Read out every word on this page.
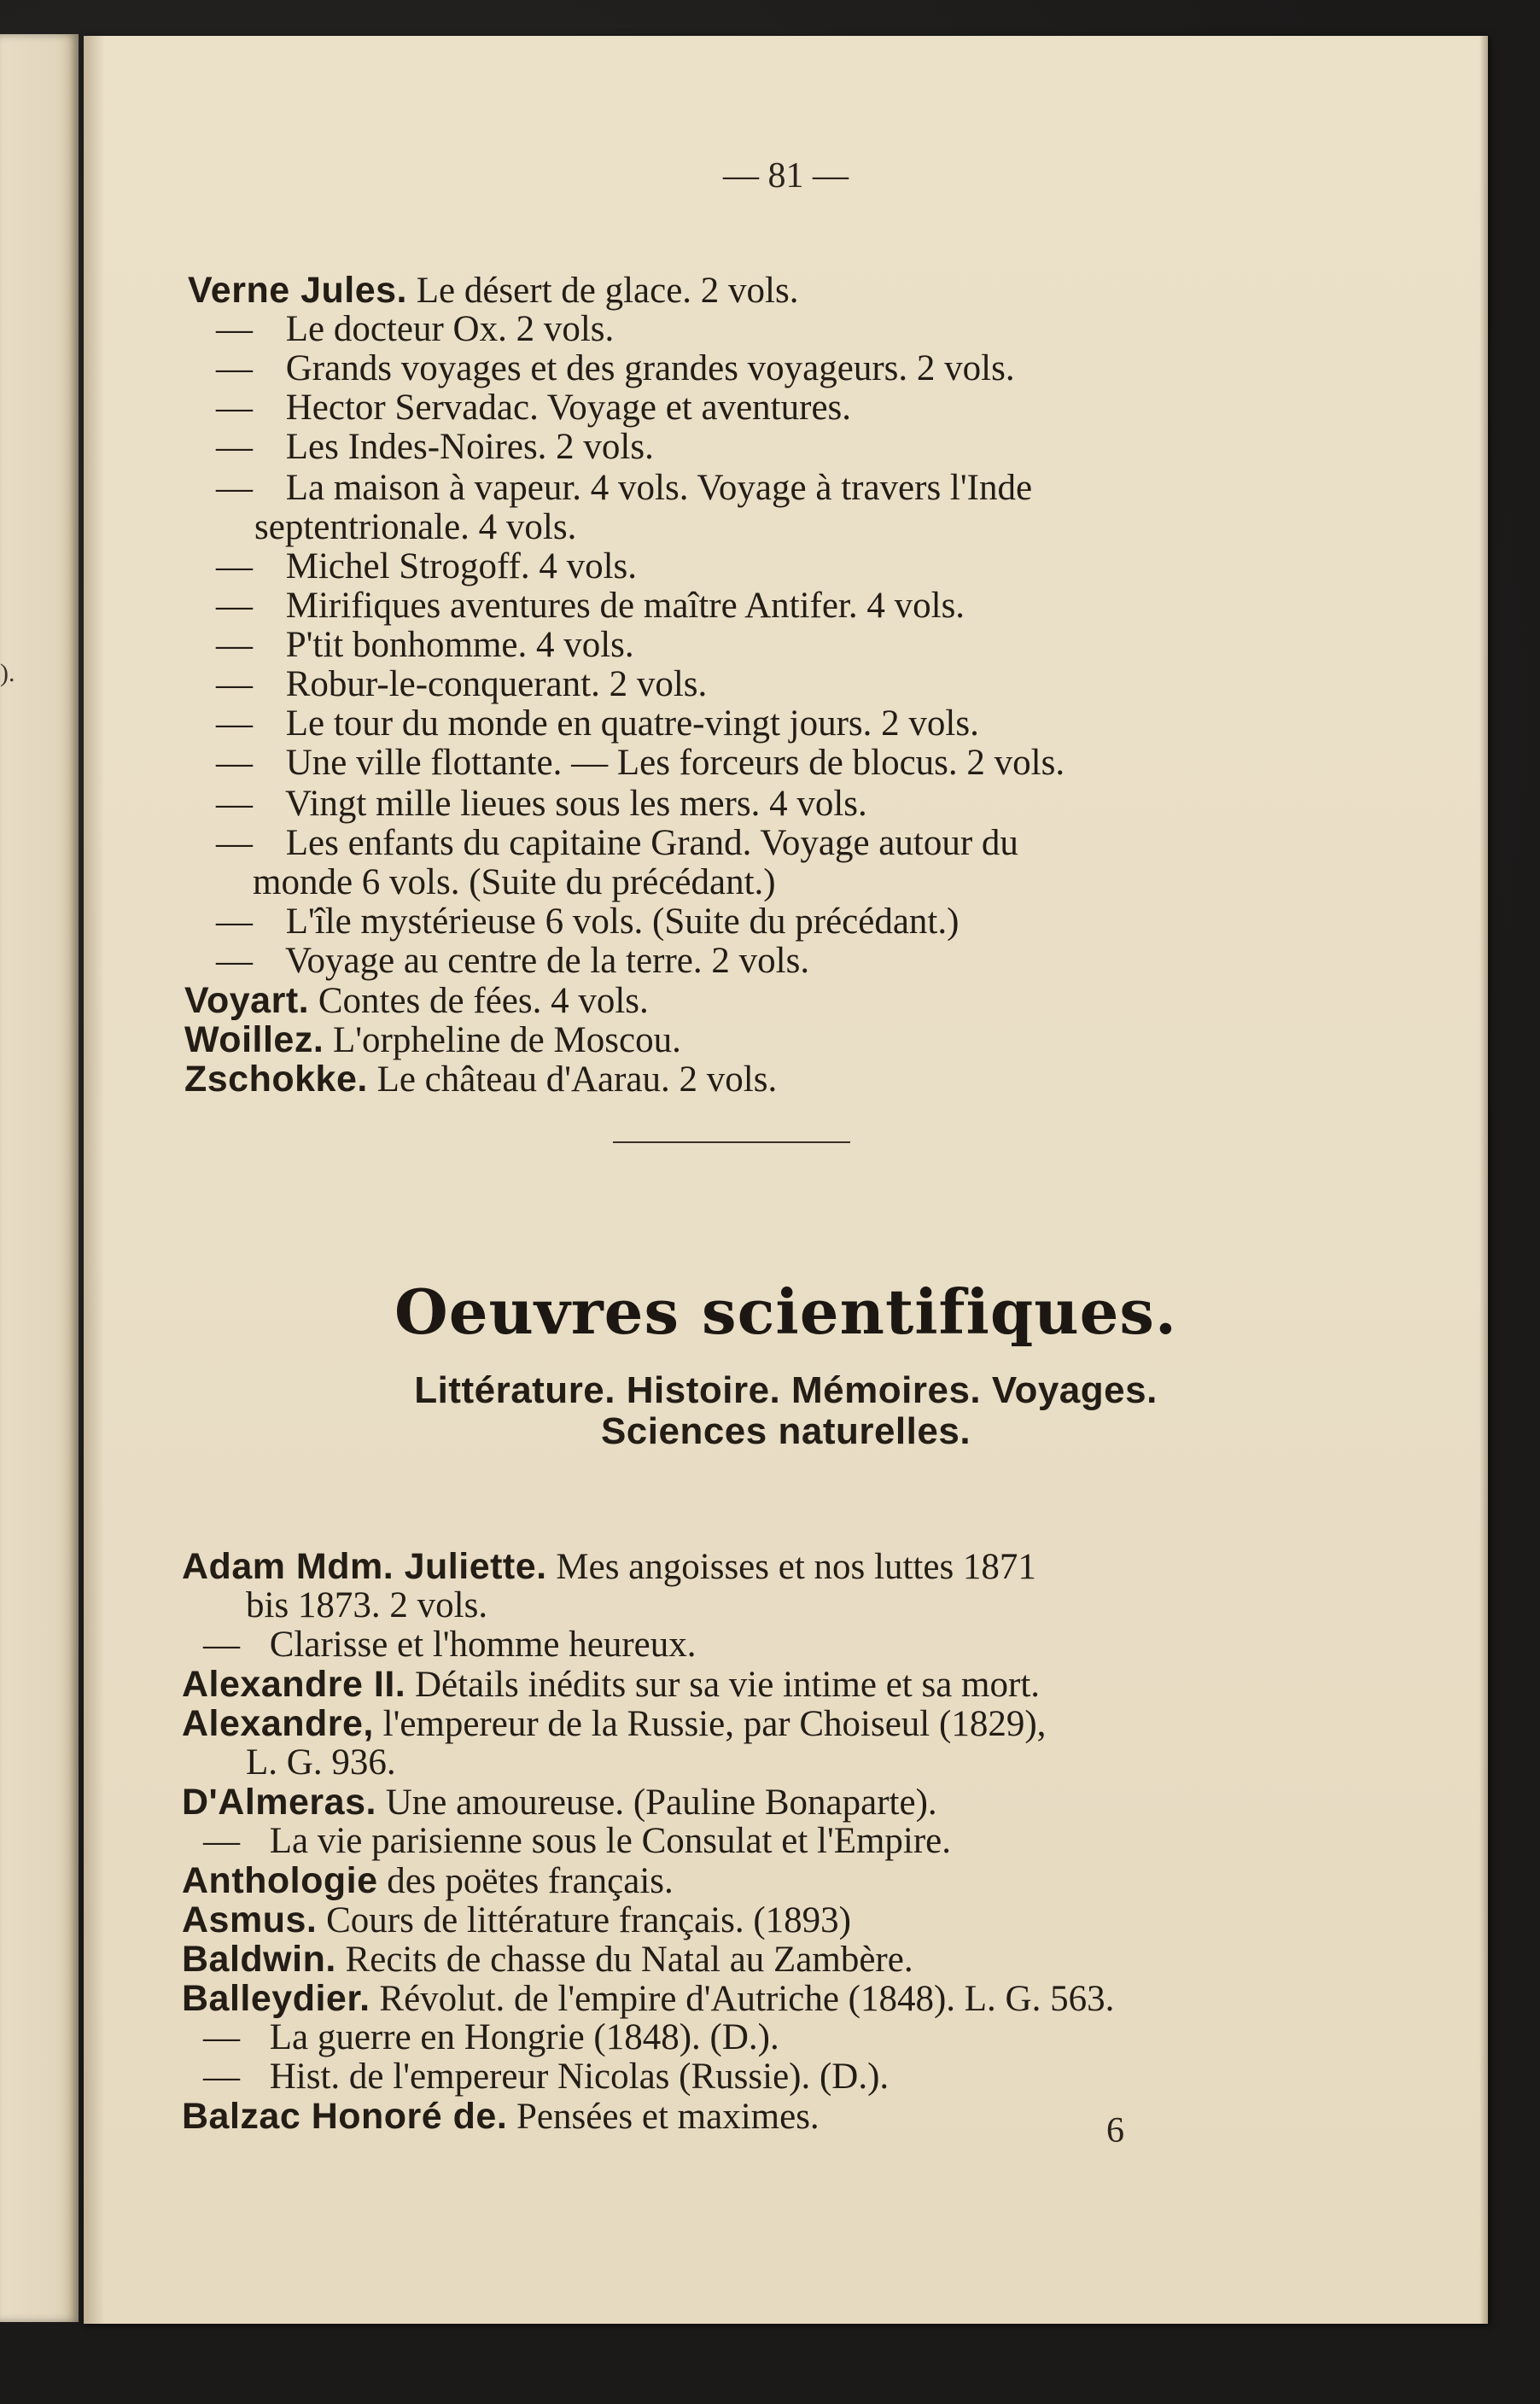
).
— 81 —
Verne Jules. Le désert de glace. 2 vols.
— Le docteur Ox. 2 vols.
— Grands voyages et des grandes voyageurs. 2 vols.
— Hector Servadac. Voyage et aventures.
— Les Indes-Noires. 2 vols.
— La maison à vapeur. 4 vols. Voyage à travers l'Inde
septentrionale. 4 vols.
— Michel Strogoff. 4 vols.
— Mirifiques aventures de maître Antifer. 4 vols.
— P'tit bonhomme. 4 vols.
— Robur-le-conquerant. 2 vols.
— Le tour du monde en quatre-vingt jours. 2 vols.
— Une ville flottante. — Les forceurs de blocus. 2 vols.
— Vingt mille lieues sous les mers. 4 vols.
— Les enfants du capitaine Grand. Voyage autour du
monde 6 vols. (Suite du précédant.)
— L'île mystérieuse 6 vols. (Suite du précédant.)
— Voyage au centre de la terre. 2 vols.
Voyart. Contes de fées. 4 vols.
Woillez. L'orpheline de Moscou.
Zschokke. Le château d'Aarau. 2 vols.
Oeuvres scientifiques.
Littérature. Histoire. Mémoires. Voyages.
Sciences naturelles.
Adam Mdm. Juliette. Mes angoisses et nos luttes 1871
bis 1873. 2 vols.
— Clarisse et l'homme heureux.
Alexandre II. Détails inédits sur sa vie intime et sa mort.
Alexandre, l'empereur de la Russie, par Choiseul (1829),
L. G. 936.
D'Almeras. Une amoureuse. (Pauline Bonaparte).
— La vie parisienne sous le Consulat et l'Empire.
Anthologie des poëtes français.
Asmus. Cours de littérature français. (1893)
Baldwin. Recits de chasse du Natal au Zambère.
Balleydier. Révolut. de l'empire d'Autriche (1848). L. G. 563.
— La guerre en Hongrie (1848). (D.).
— Hist. de l'empereur Nicolas (Russie). (D.).
Balzac Honoré de. Pensées et maximes.	6
